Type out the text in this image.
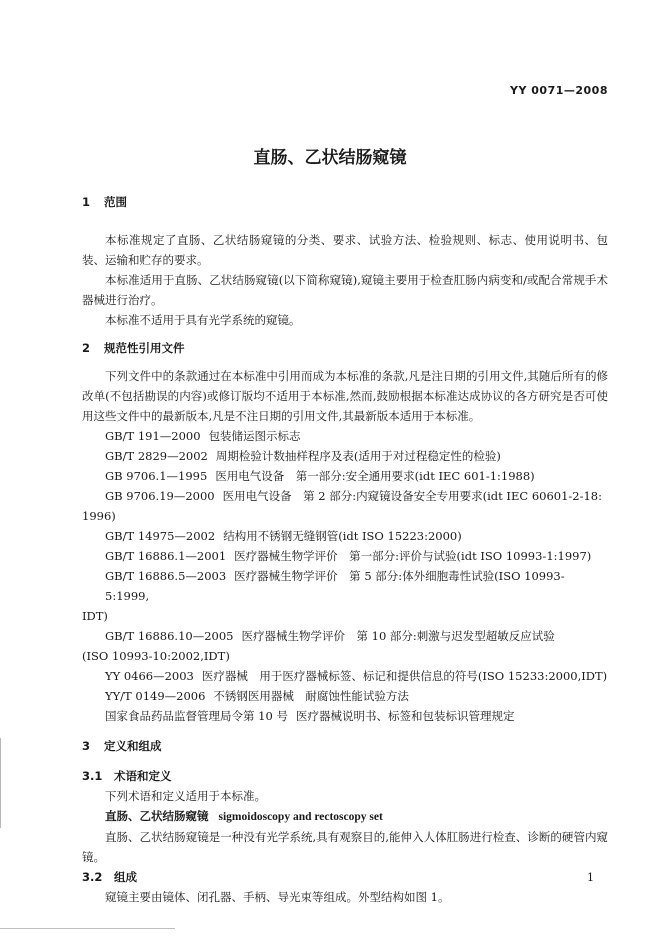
YY 0071—2008
直肠、乙状结肠窥镜
1 范围

本标准规定了直肠、乙状结肠窥镜的分类、要求、试验方法、检验规则、标志、使用说明书、包装、运输和贮存的要求。

本标准适用于直肠、乙状结肠窥镜(以下简称窥镜),窥镜主要用于检查肛肠内病变和/或配合常规手术器械进行治疗。

本标准不适用于具有光学系统的窥镜。

2 规范性引用文件

下列文件中的条款通过在本标准中引用而成为本标准的条款,凡是注日期的引用文件,其随后所有的修改单(不包括勘误的内容)或修订版均不适用于本标准,然而,鼓励根据本标准达成协议的各方研究是否可使用这些文件中的最新版本,凡是不注日期的引用文件,其最新版本适用于本标准。

GB/T 191—2000 包装储运图示标志
GB/T 2829—2002 周期检验计数抽样程序及表(适用于对过程稳定性的检验)
GB 9706.1—1995 医用电气设备　第一部分:安全通用要求(idt IEC 601-1:1988)
GB 9706.19—2000 医用电气设备　第 2 部分:内窥镜设备安全专用要求(idt IEC 60601-2-18:
1996)
GB/T 14975—2002 结构用不锈钢无缝钢管(idt ISO 15223:2000)
GB/T 16886.1—2001 医疗器械生物学评价　第一部分:评价与试验(idt ISO 10993-1:1997)
GB/T 16886.5—2003 医疗器械生物学评价　第 5 部分:体外细胞毒性试验(ISO 10993-5:1999,
IDT)
GB/T 16886.10—2005 医疗器械生物学评价　第 10 部分:刺激与迟发型超敏反应试验
(ISO 10993-10:2002,IDT)
YY 0466—2003 医疗器械　用于医疗器械标签、标记和提供信息的符号(ISO 15233:2000,IDT)
YY/T 0149—2006 不锈钢医用器械　耐腐蚀性能试验方法
国家食品药品监督管理局令第 10 号 医疗器械说明书、标签和包装标识管理规定
3 定义和组成
3.1 术语和定义

下列术语和定义适用于本标准。

直肠、乙状结肠窥镜 sigmoidoscopy and rectoscopy set

直肠、乙状结肠窥镜是一种没有光学系统,具有观察目的,能伸入人体肛肠进行检查、诊断的硬管内窥镜。

3.2 组成

窥镜主要由镜体、闭孔器、手柄、导光束等组成。外型结构如图 1。

1
